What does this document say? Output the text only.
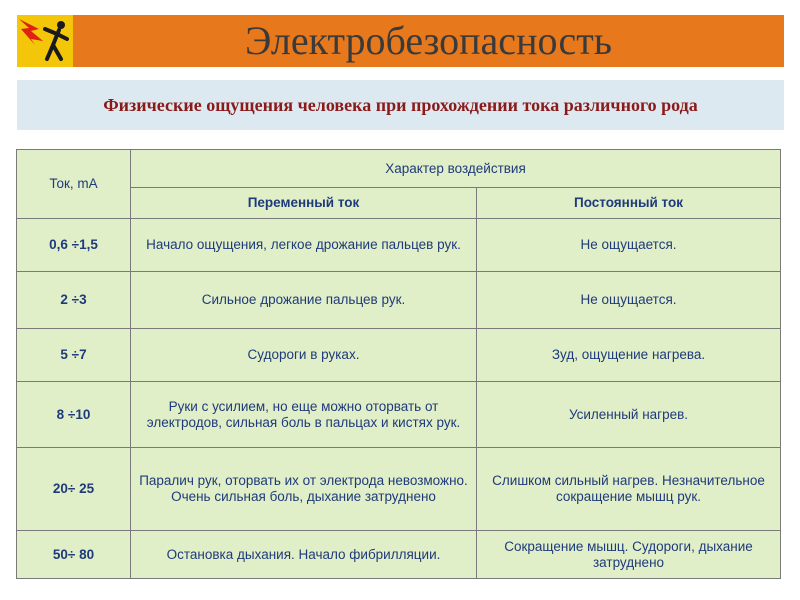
Электробезопасность
Физические ощущения человека при прохождении тока различного рода
Ток, mA	Характер воздействия	
	Переменный ток	Постоянный ток
0,6 ÷1,5	Начало ощущения, легкое дрожание пальцев рук.	Не ощущается.
2 ÷3	Сильное дрожание пальцев рук.	Не ощущается.
5 ÷7	Судороги в руках.	Зуд, ощущение нагрева.
8 ÷10	Руки с усилием, но еще можно оторвать от электродов, сильная боль в пальцах и кистях рук.	Усиленный нагрев.
20÷ 25	Паралич рук, оторвать их от электрода невозможно. Очень сильная боль, дыхание затруднено	Слишком сильный нагрев. Незначительное сокращение мышц рук.
50÷ 80	Остановка дыхания. Начало фибрилляции.	Сокращение мышц. Судороги, дыхание затруднено
